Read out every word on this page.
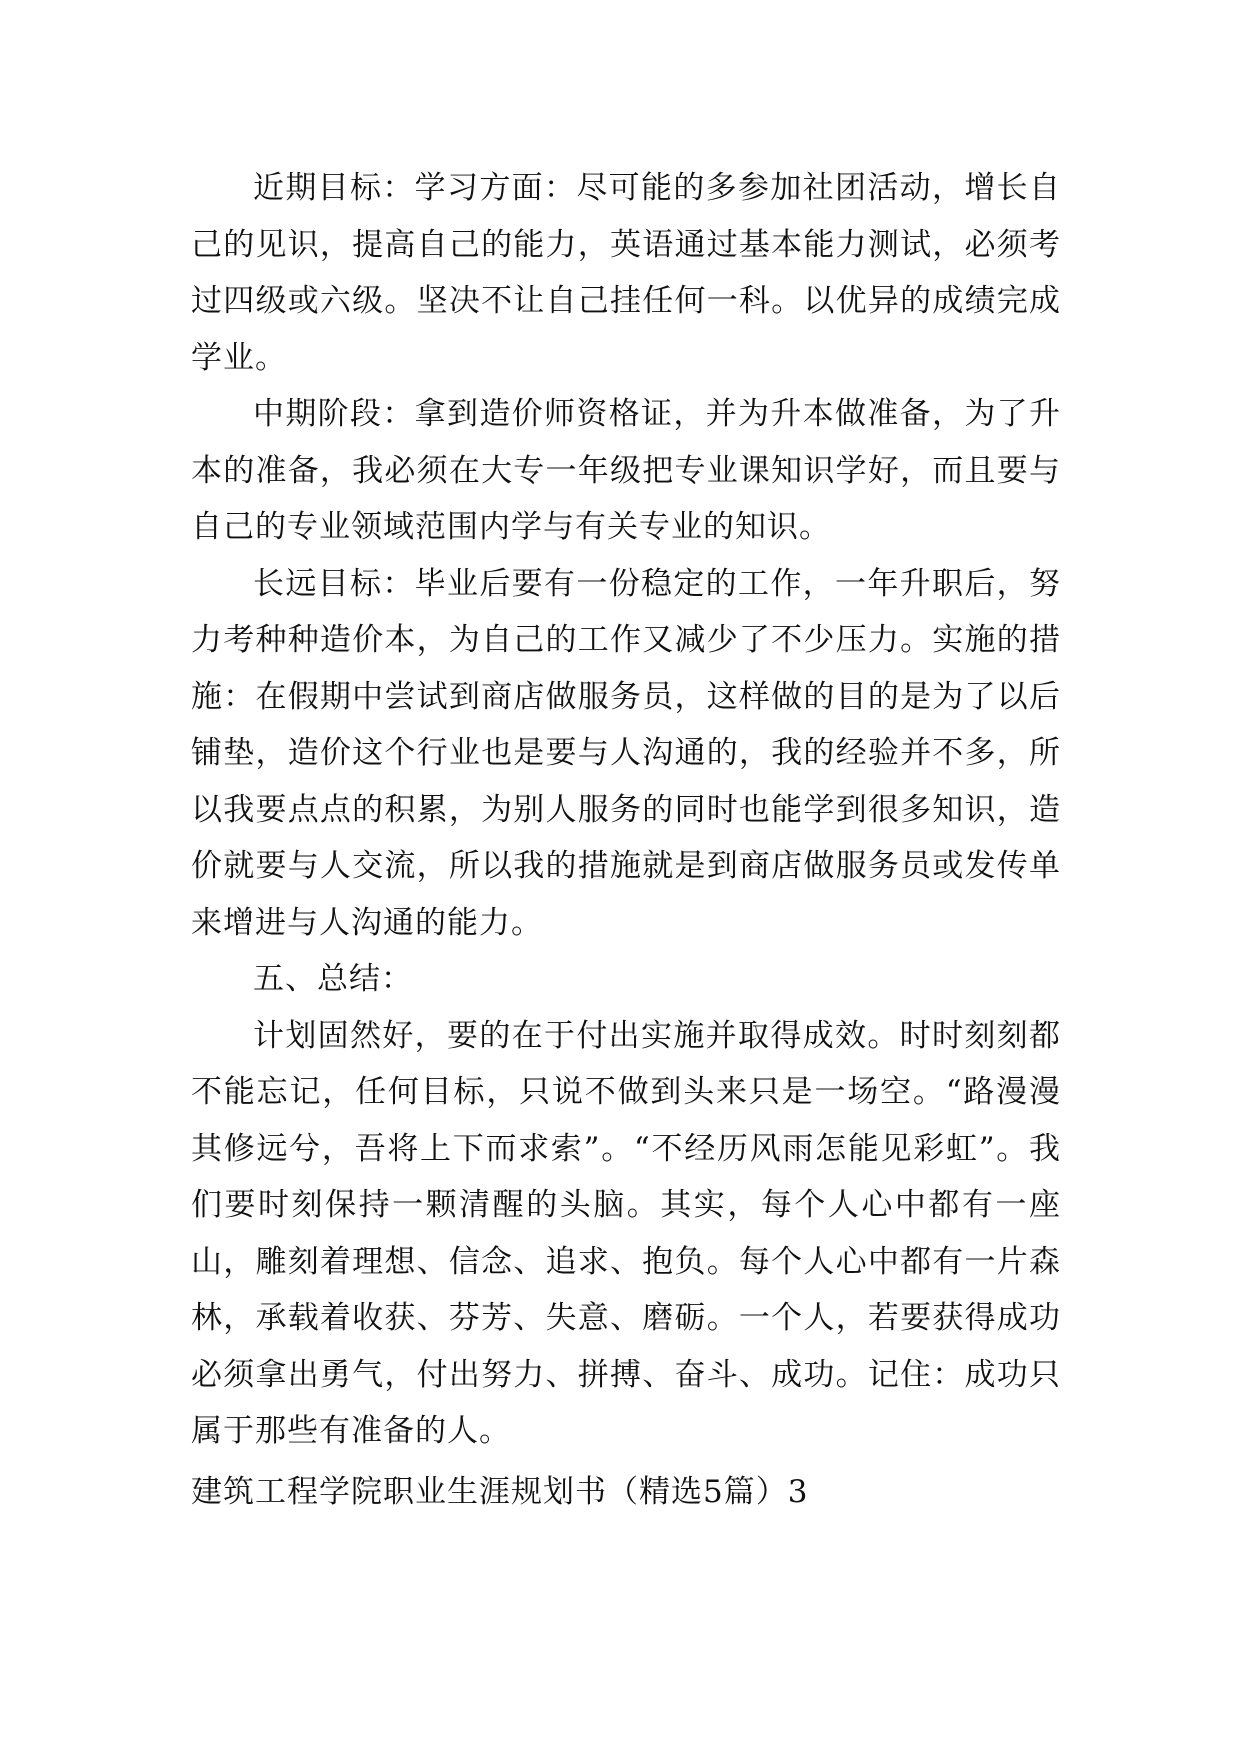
近期目标：学习方面：尽可能的多参加社团活动，增长自己的见识，提高自己的能力，英语通过基本能力测试，必须考过四级或六级。坚决不让自己挂任何一科。以优异的成绩完成学业。

中期阶段：拿到造价师资格证，并为升本做准备，为了升本的准备，我必须在大专一年级把专业课知识学好，而且要与自己的专业领域范围内学与有关专业的知识。

长远目标：毕业后要有一份稳定的工作，一年升职后，努力考种种造价本，为自己的工作又减少了不少压力。实施的措施：在假期中尝试到商店做服务员，这样做的目的是为了以后铺垫，造价这个行业也是要与人沟通的，我的经验并不多，所以我要点点的积累，为别人服务的同时也能学到很多知识，造价就要与人交流，所以我的措施就是到商店做服务员或发传单来增进与人沟通的能力。

五、总结：

计划固然好，要的在于付出实施并取得成效。时时刻刻都不能忘记，任何目标，只说不做到头来只是一场空。“路漫漫其修远兮，吾将上下而求索”。“不经历风雨怎能见彩虹”。我们要时刻保持一颗清醒的头脑。其实，每个人心中都有一座山，雕刻着理想、信念、追求、抱负。每个人心中都有一片森林，承载着收获、芬芳、失意、磨砺。一个人，若要获得成功必须拿出勇气，付出努力、拼搏、奋斗、成功。记住：成功只属于那些有准备的人。

建筑工程学院职业生涯规划书（精选5篇）3
